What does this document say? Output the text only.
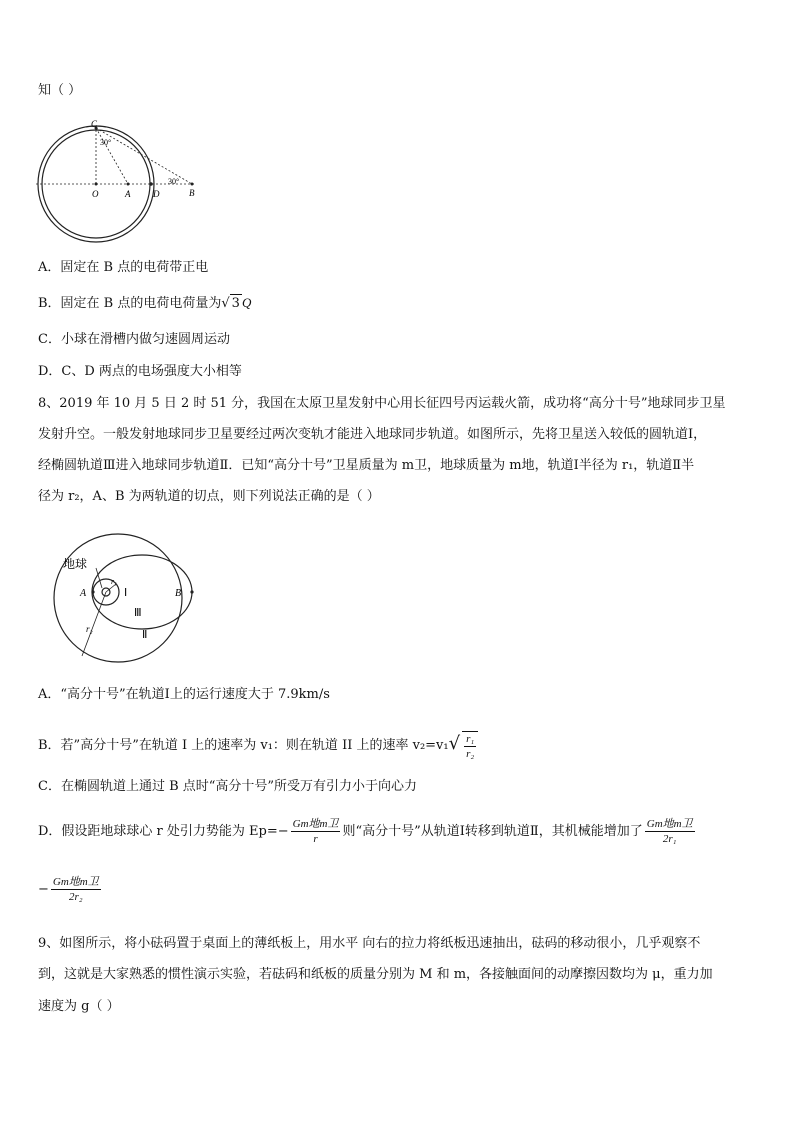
知（ ）
C
O	A	D	B
30°
30°
A．固定在 B 点的电荷带正电
B．固定在 B 点的电荷电荷量为√ 3 Q
C．小球在滑槽内做匀速圆周运动
D．C、D 两点的电场强度大小相等
8、2019 年 10 月 5 日 2 时 51 分，我国在太原卫星发射中心用长征四号丙运载火箭，成功将“高分十号”地球同步卫星
发射升空。一般发射地球同步卫星要经过两次变轨才能进入地球同步轨道。如图所示，先将卫星送入较低的圆轨道Ⅰ，
经椭圆轨道Ⅲ进入地球同步轨道Ⅱ．已知“高分十号”卫星质量为 m卫，地球质量为 m地，轨道Ⅰ半径为 r₁，轨道Ⅱ半
径为 r₂，A、B 为两轨道的切点，则下列说法正确的是（ ）
地球
A	B
r₁
r₂
Ⅰ
Ⅲ
Ⅱ
A．“高分十号”在轨道Ⅰ上的运行速度大于 7.9km/s
B．若”高分十号”在轨道 I 上的速率为 v₁：则在轨道 II 上的速率 $v_2=v_1√ \frac{\text{r₁}}{\text{r₂}}$
C．在椭圆轨道上通过 B 点时“高分十号”所受万有引力小于向心力
D．假设距地球球心 r 处引力势能为 $Ep=- \frac{\text{Gm地m卫}}{r}$ 则“高分十号”从轨道Ⅰ转移到轨道Ⅱ，其机械能增加了 $\frac{\text{Gm地m卫}}{\text{2r₁}}$
− $\frac{\text{Gm地m卫}}{\text{2r₂}}$
9、如图所示，将小砝码置于桌面上的薄纸板上，用水平 向右的拉力将纸板迅速抽出，砝码的移动很小，几乎观察不
到，这就是大家熟悉的惯性演示实验，若砝码和纸板的质量分别为 M 和 m，各接触面间的动摩擦因数均为 μ，重力加
速度为 g（ ）
